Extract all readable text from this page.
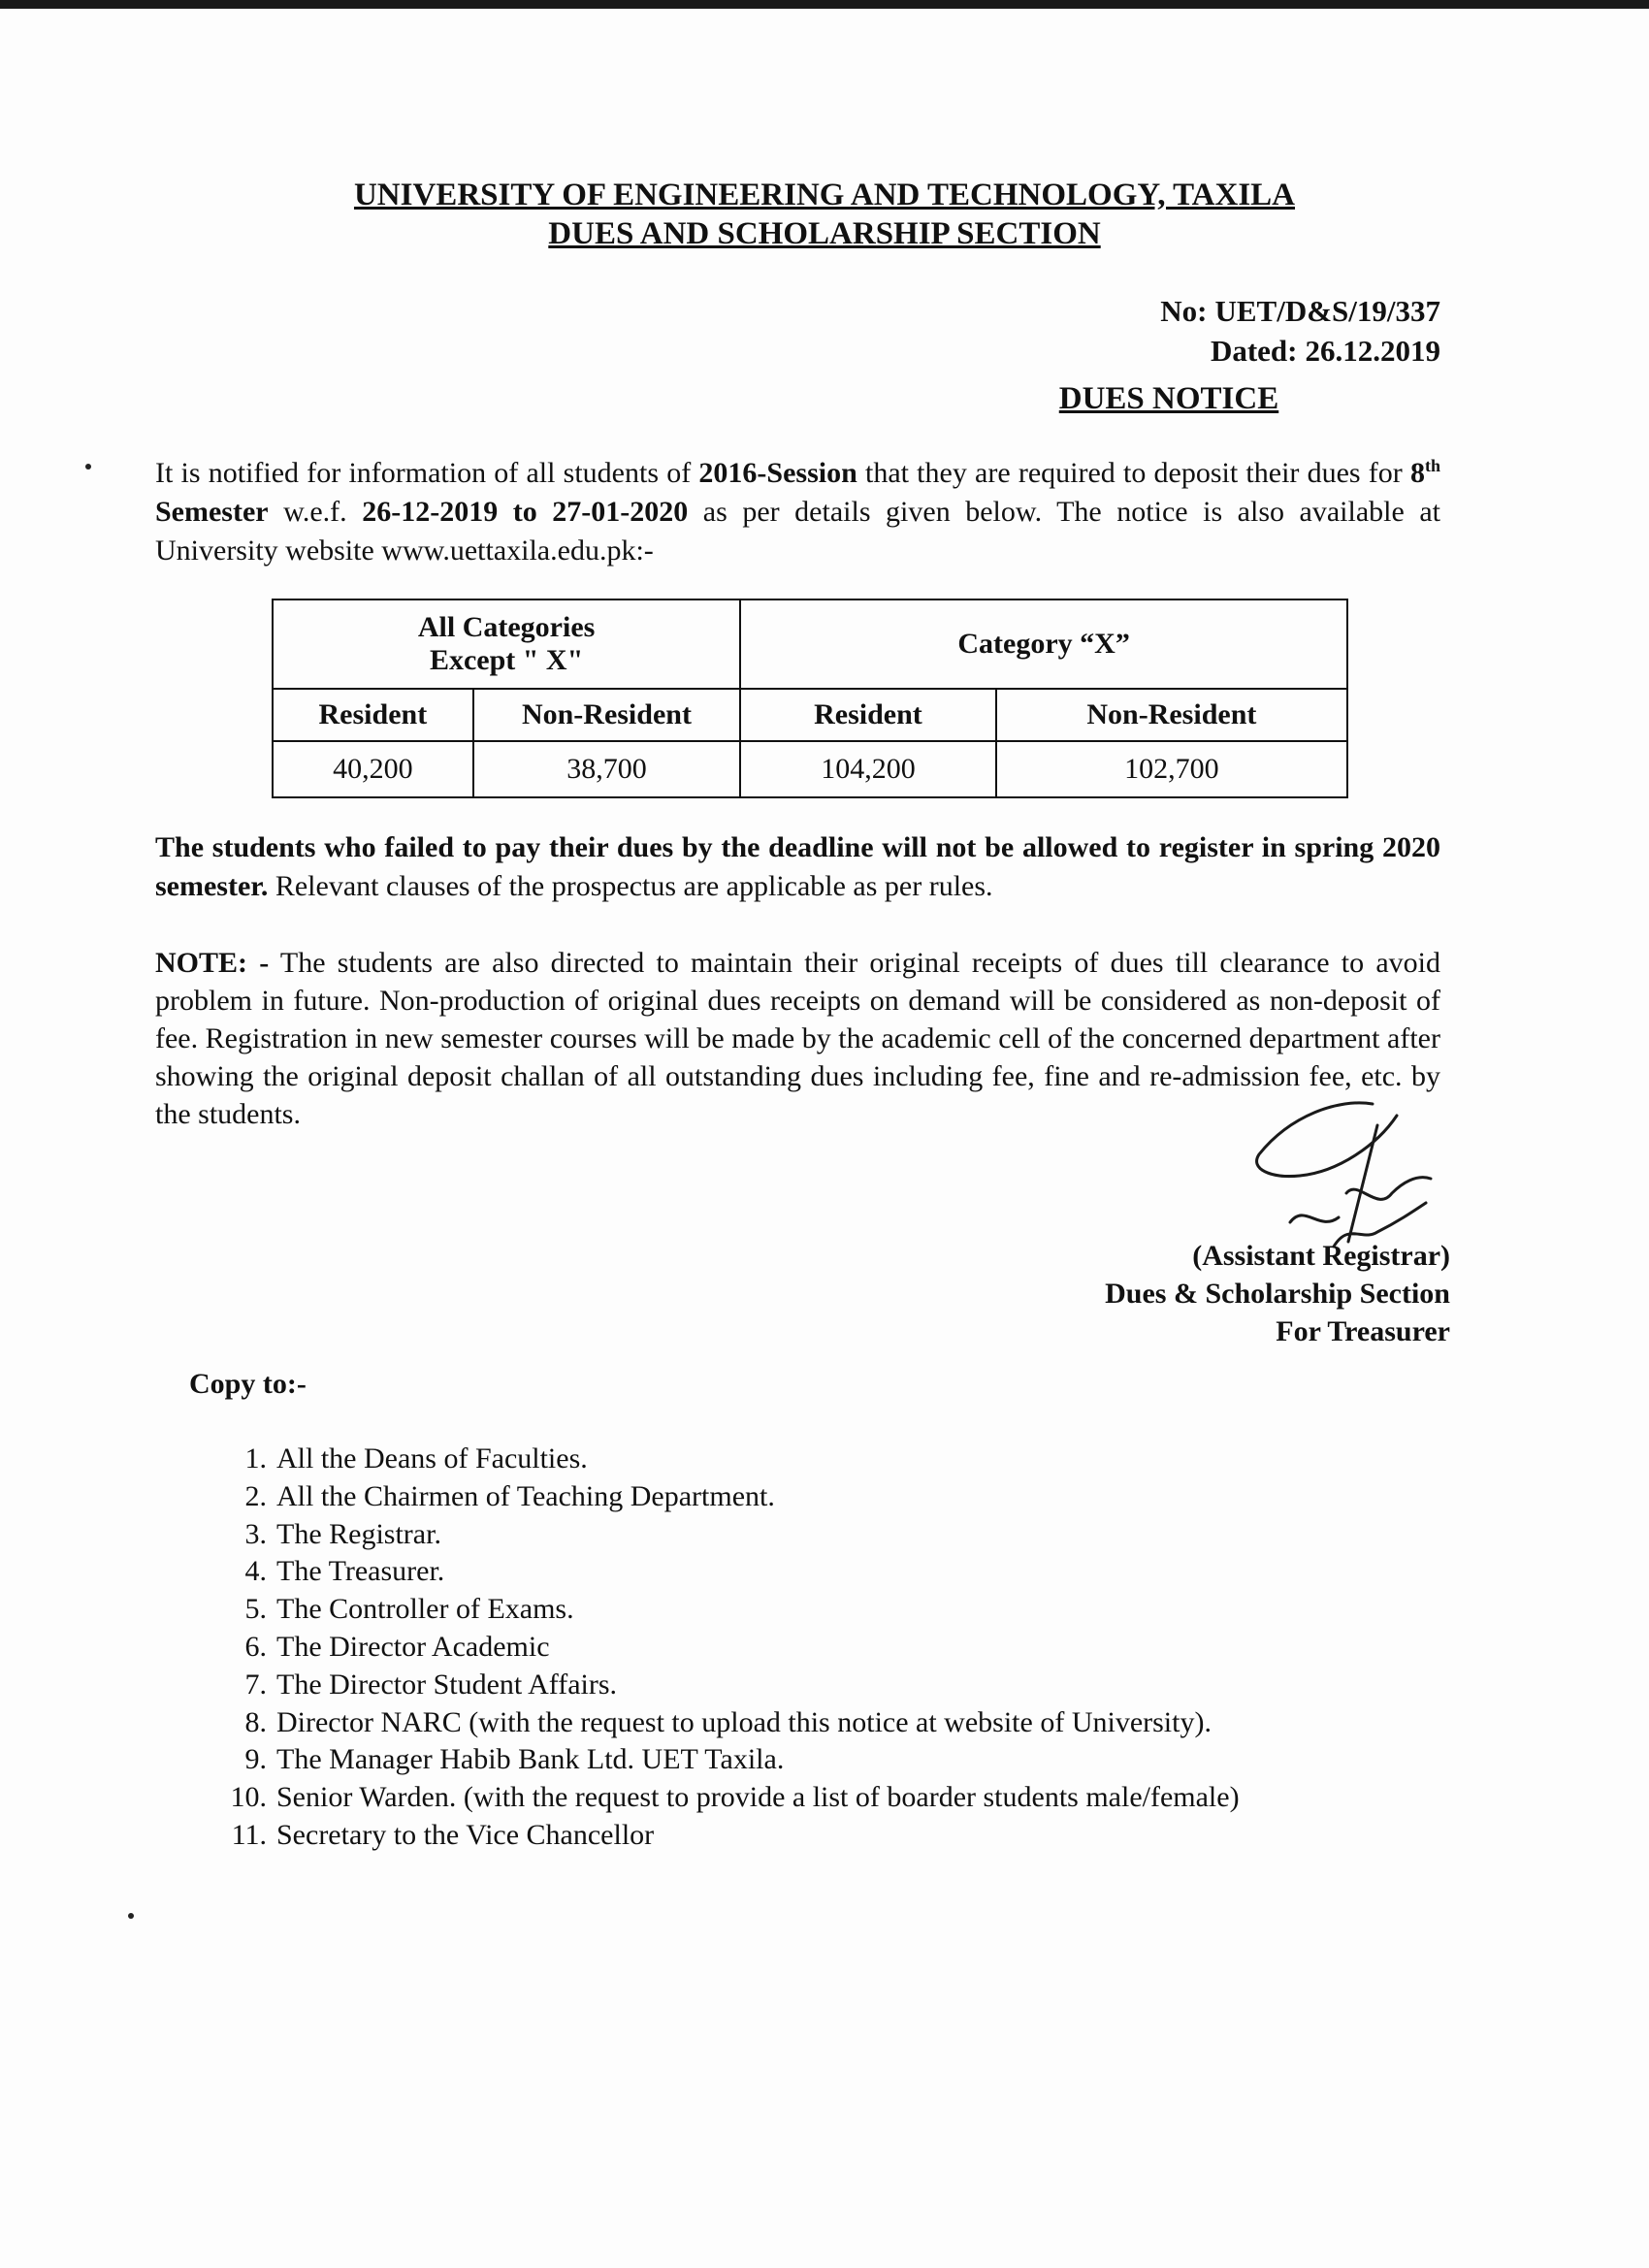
UNIVERSITY OF ENGINEERING AND TECHNOLOGY, TAXILA
DUES AND SCHOLARSHIP SECTION
No: UET/D&S/19/337
Dated: 26.12.2019
DUES NOTICE
It is notified for information of all students of 2016-Session that they are required to deposit their dues for 8th Semester w.e.f. 26-12-2019 to 27-01-2020 as per details given below. The notice is also available at University website www.uettaxila.edu.pk:-
All Categories
Except " X"		Category “X”	
Resident	Non-Resident	Resident	Non-Resident
40,200	38,700	104,200	102,700
The students who failed to pay their dues by the deadline will not be allowed to register in spring 2020 semester. Relevant clauses of the prospectus are applicable as per rules.
NOTE: - The students are also directed to maintain their original receipts of dues till clearance to avoid problem in future. Non-production of original dues receipts on demand will be considered as non-deposit of fee. Registration in new semester courses will be made by the academic cell of the concerned department after showing the original deposit challan of all outstanding dues including fee, fine and re-admission fee, etc. by the students.
(Assistant Registrar)
Dues & Scholarship Section
For Treasurer
Copy to:-
1. All the Deans of Faculties.
2. All the Chairmen of Teaching Department.
3. The Registrar.
4. The Treasurer.
5. The Controller of Exams.
6. The Director Academic
7. The Director Student Affairs.
8. Director NARC (with the request to upload this notice at website of University).
9. The Manager Habib Bank Ltd. UET Taxila.
10. Senior Warden. (with the request to provide a list of boarder students male/female)
11. Secretary to the Vice Chancellor
